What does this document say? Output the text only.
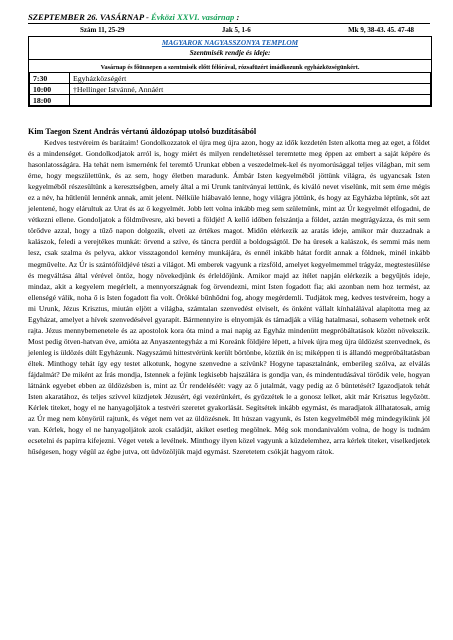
SZEPTEMBER 26. VASÁRNAP - Évközi XXVI. vasárnap :
Szám 11, 25-29	Jak 5, 1-6	Mk 9, 38-43. 45. 47-48
MAGYAROK NAGYASSZONYA TEMPLOM
Szentmisék rendje és ideje:
Vasárnap és főünnepen a szentmisék előtt félórával, rózsafüzért imádkozunk egyházközségünkért.
7:30	Egyházközségért
10:00	†Hellinger Istvánné, Annáért
18:00	
Kim Taegon Szent András vértanú áldozópap utolsó buzdításából

Kedves testvéreim és barátaim! Gondolkozzatok el újra meg újra azon, hogy az idők kezdetén Isten alkotta meg az eget, a földet és a mindenséget. Gondolkodjatok arról is, hogy miért és milyen rendeltetéssel teremtette meg éppen az embert a saját képére és hasonlatosságára. Ha tehát nem ismernénk fel teremtő Urunkat ebben a veszedelmek-kel és nyomorúsággal teljes világban, mit sem érne, hogy megszülettünk, és az sem, hogy életben maradunk. Ámbár Isten kegyelméből jöttünk világra, és ugyancsak Isten kegyelméből részesültünk a keresztségben, amely által a mi Urunk tanítványai lettünk, és kiváló nevet viselünk, mit sem érne mégis ez a név, ha hűtlenül lennénk annak, amit jelent. Nélküle hiábavaló lenne, hogy világra jöttünk, és hogy az Egyházba léptünk, sőt azt jelentené, hogy elárultuk az Urat és az ő kegyelmét. Jobb lett volna inkább meg sem születnünk, mint az Úr kegyelmét elfogadni, de vétkezni ellene. Gondoljatok a földművesre, aki beveti a földjét! A kellő időben felszántja a földet, aztán megtrágyázza, és mit sem törődve azzal, hogy a tűző napon dolgozik, elveti az értékes magot. Midőn elérkezik az aratás ideje, amikor már duzzadnak a kalászok, feledi a verejtékes munkát: örvend a szíve, és táncra perdül a boldogságtól. De ha üresek a kalászok, és semmi más nem lesz, csak szalma és pelyva, akkor visszagondol kemény munkájára, és ennél inkább hátat fordít annak a földnek, minél inkább megművelte. Az Úr is szántóföldjévé tészi a világot. Mi emberek vagyunk a rizsföld, amelyet kegyelmemmel trágyáz, megtestesülése és megváltása által vérével öntöz, hogy növekedjünk és érleldőjünk. Amikor majd az ítélet napján elérkezik a begyűjtés ideje, mindaz, akit a kegyelem megérlelt, a mennyországnak fog örvendezni, mint Isten fogadott fia; aki azonban nem hoz termést, az ellenségé válik, noha ő is Isten fogadott fia volt. Örökké bűnhődni fog, ahogy megérdemli. Tudjátok meg, kedves testvéreim, hogy a mi Urunk, Jézus Krisztus, miután eljött a világba, számtalan szenvedést elviselt, és önként vállalt kínhalálával alapította meg az Egyházat, amelyet a hívek szenvedésével gyarapít. Bármennyire is elnyomják és támadják a világ hatalmasai, sohasem vehetnek erőt rajta. Jézus mennybemenetele és az apostolok kora óta mind a mai napig az Egyház mindenütt megpróbáltatások között növekszik. Most pedig ötven-hatvan éve, amióta az Anyaszentegyház a mi Koreánk földjére lépett, a hívek újra meg újra üldözést szenvednek, és jelenleg is üldözés dúlt Egyházunk. Nagyszámú hittestvérünk került börtönbe, köztük én is; miképpen ti is állandó megpróbáltatásban éltek. Minthogy tehát így egy testet alkotunk, hogyne szenvedne a szívünk? Hogyne tapasztalnánk, emberileg szólva, az elválás fájdalmát? De miként az Írás mondja, Istennek a fejünk legkisebb hajszálára is gondja van, és mindentudásával törődik vele, hogyan látnánk egyebet ebben az üldözésben is, mint az Úr rendeléséét: vagy az ő jutalmát, vagy pedig az ő büntetését? Igazodjatok tehát Isten akaratához, és teljes szívvel küzdjetek Jézusért, égi vezérünkért, és győzzétek le a gonosz lelket, akit már Krisztus legyőzött. Kérlek titeket, hogy el ne hanyagoljátok a testvéri szeretet gyakorlását. Segítsétek inkább egymást, és maradjatok állhatatosak, amíg az Úr meg nem könyörül rajtunk, és véget nem vet az üldözésnek. Itt húszan vagyunk, és Isten kegyelméből még mindegyikünk jól van. Kérlek, hogy el ne hanyagoljátok azok családját, akiket esetleg megölnek. Még sok mondanivalóm volna, de hogy is tudnám ecsetelni és papírra kifejezni. Véget vetek a levélnek. Minthogy ilyen közel vagyunk a küzdelemhez, arra kérlek titeket, viselkedjetek hűségesen, hogy végül az égbe jutva, ott üdvözöljük majd egymást. Szeretetem csókját hagyom rátok.
